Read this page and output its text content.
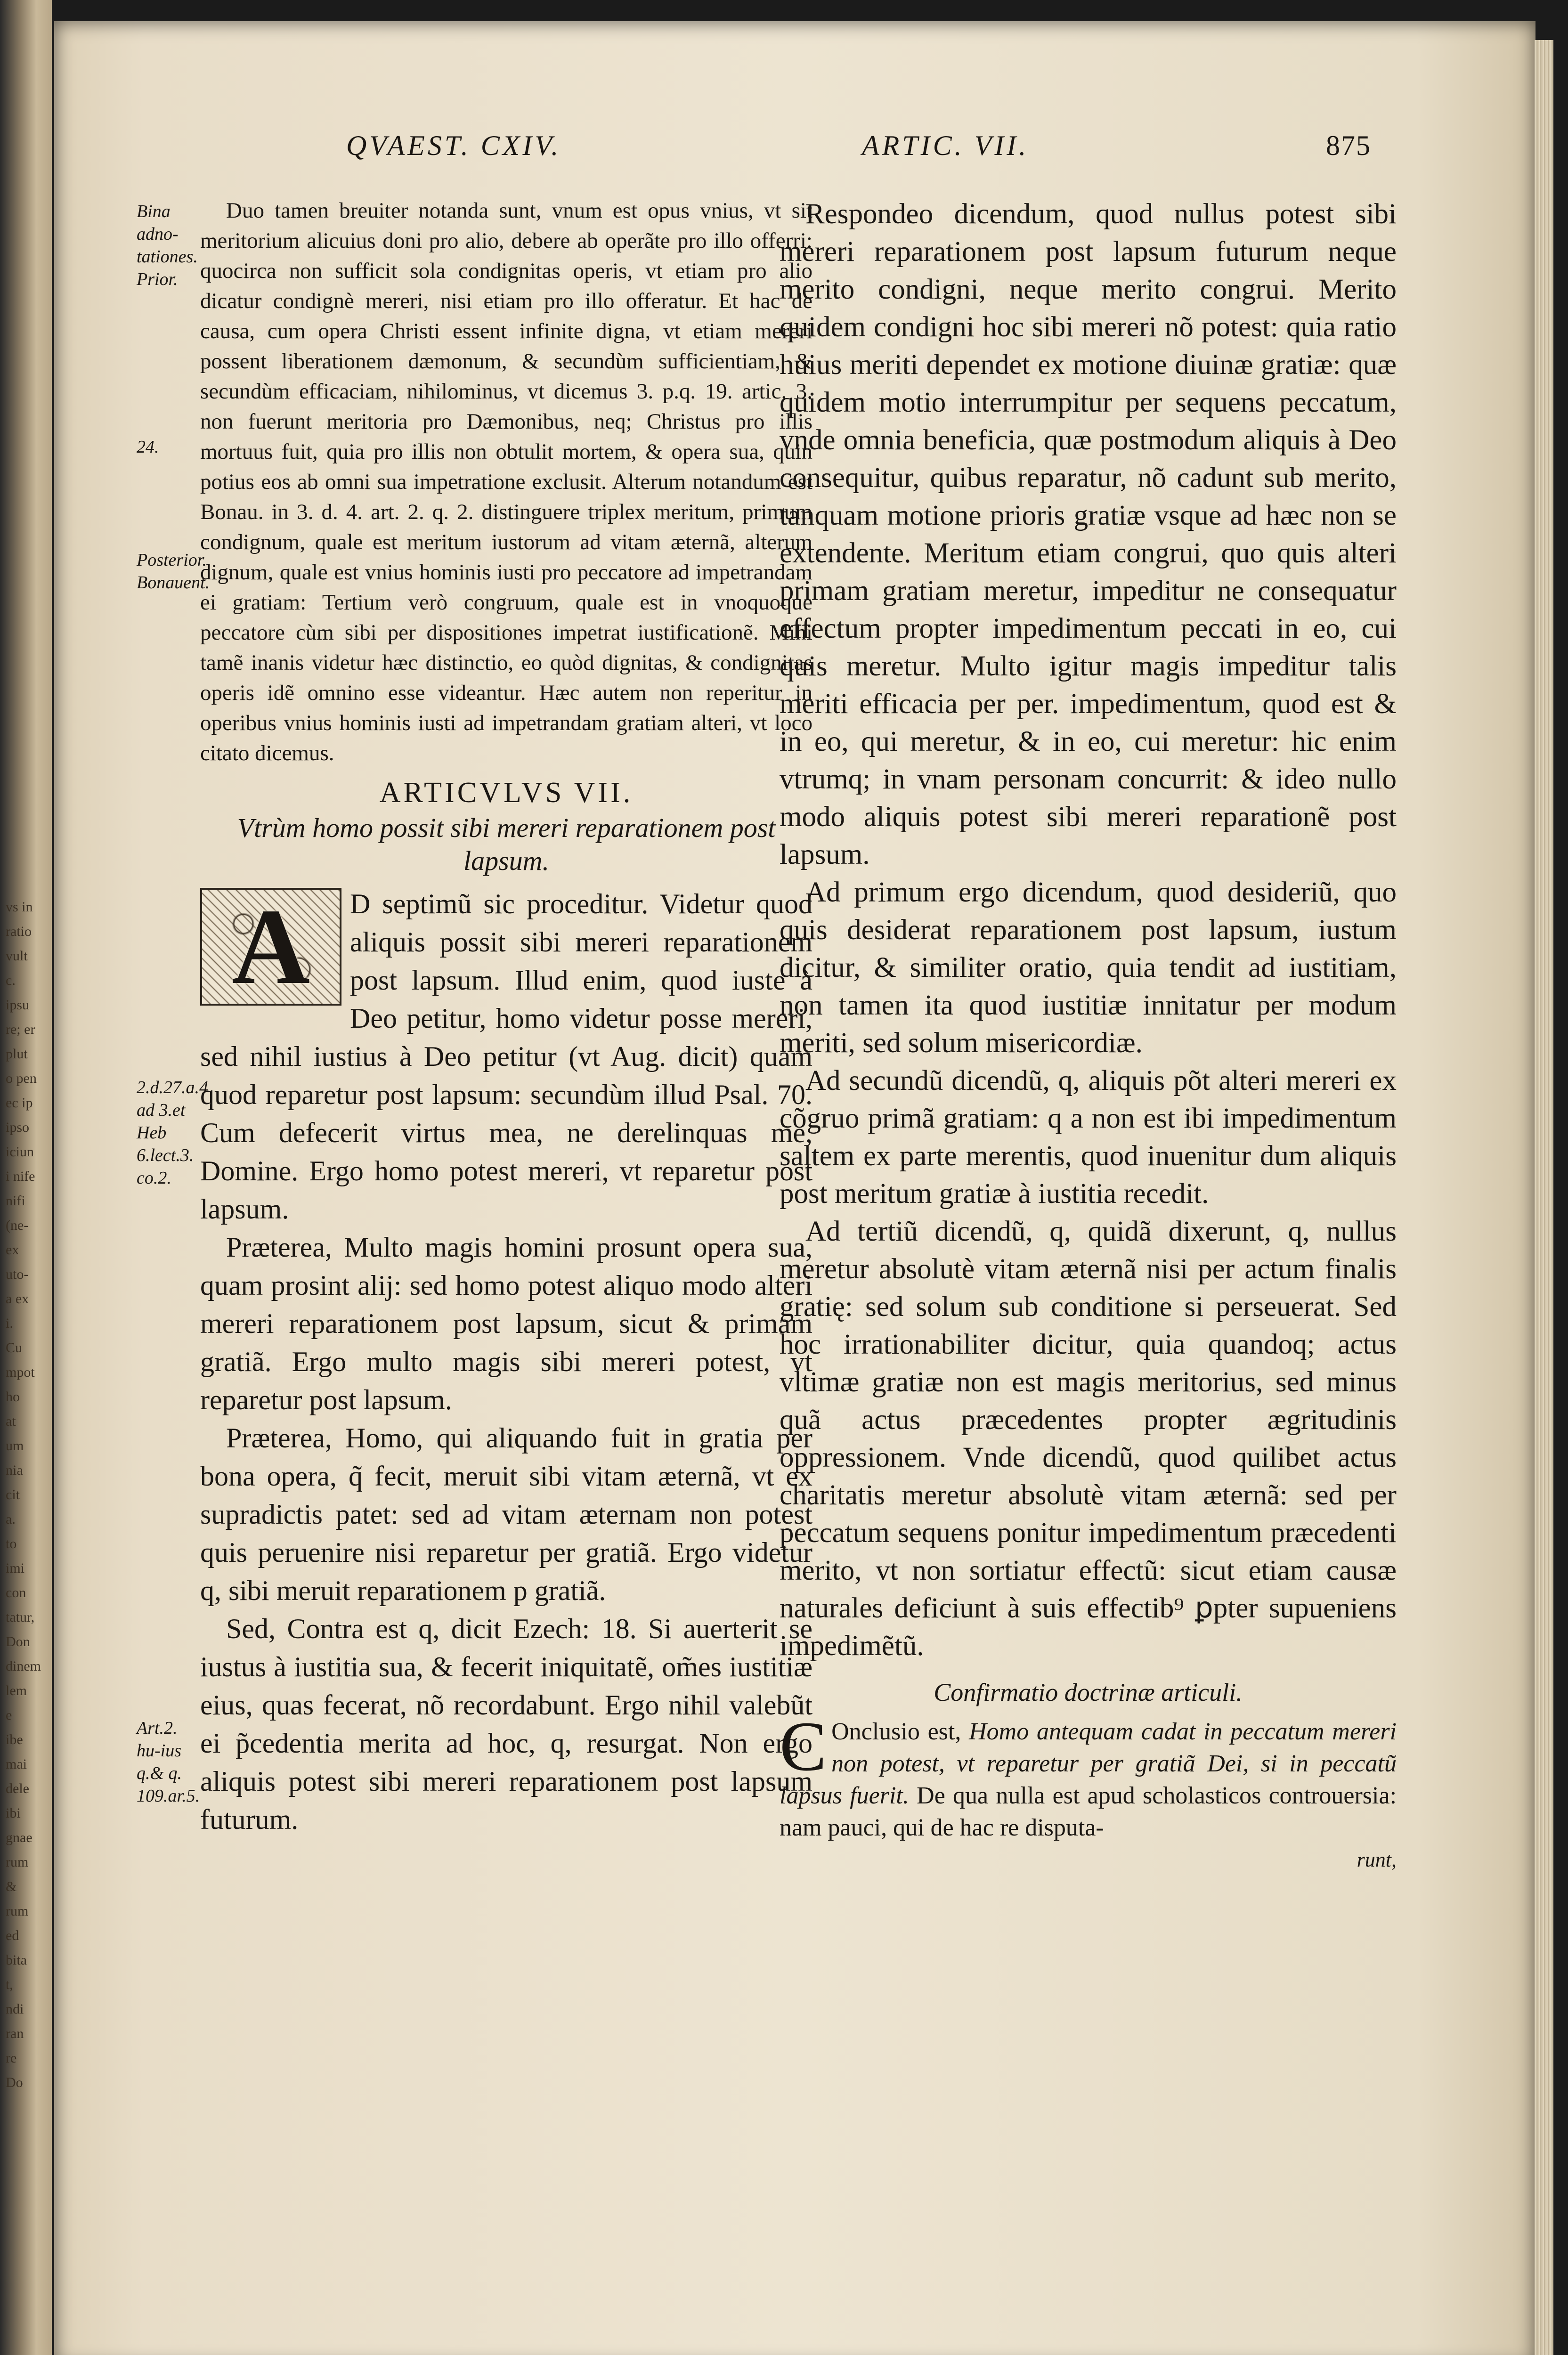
vs in
ratio
vult
c.
ipsu
re; er
plut
o pen
ec ip
ipso
iciun
i nife
nifi
(ne-
ex
uto-
a ex
i.
Cu
mpot
ho
at
um
nia
cit
a.
to
imi
con
tatur,
Don
dinem
lem
e
ibe
mai
dele
ibi
gnae
rum
&
rum
ed
bita
t,
ndi
ran
re
Do
QVAEST. CXIV.	ARTIC. VII.	875
Bina adno-tationes. Prior.
24.
Posterior. Bonauent.
2.d.27.a.4 ad 3.et Heb 6.lect.3. co.2.
Art.2. hu-ius q.& q. 109.ar.5.

Duo tamen breuiter notanda sunt, vnum est opus vnius, vt sit meritorium alicuius doni pro alio, debere ab operãte pro illo offerri: quocirca non sufficit sola condignitas operis, vt etiam pro alio dicatur condignè mereri, nisi etiam pro illo offeratur. Et hac de causa, cum opera Christi essent infinite digna, vt etiam mereri possent liberationem dæmonum, & secundùm sufficientiam, & secundùm efficaciam, nihilominus, vt dicemus 3. p.q. 19. artic. 3. non fuerunt meritoria pro Dæmonibus, neq; Christus pro illis mortuus fuit, quia pro illis non obtulit mortem, & opera sua, quin potius eos ab omni sua impetratione exclusit. Alterum notandum est Bonau. in 3. d. 4. art. 2. q. 2. distinguere triplex meritum, primum condignum, quale est meritum iustorum ad vitam æternã, alterum dignum, quale est vnius hominis iusti pro peccatore ad impetrandam ei gratiam: Tertium verò congruum, quale est in vnoquoque peccatore cùm sibi per dispositiones impetrat iustificationẽ. Mihi tamẽ inanis videtur hæc distinctio, eo quòd dignitas, & condignitas operis idẽ omnino esse videantur. Hæc autem non reperitur in operibus vnius hominis iusti ad impetrandam gratiam alteri, vt loco citato dicemus.

ARTICVLVS VII.
Vtrùm homo possit sibi mereri reparationem post lapsum.
A	D septimũ sic proceditur. Videtur quod aliquis possit sibi mereri reparationem post lapsum. Illud enim, quod iuste à Deo petitur, homo videtur posse mereri, sed nihil iustius à Deo petitur (vt Aug. dicit) quam quod reparetur post lapsum: secundùm illud Psal. 70. Cum defecerit virtus mea, ne derelinquas me, Domine. Ergo homo potest mereri, vt reparetur post lapsum.

Præterea, Multo magis homini prosunt opera sua, quam prosint alij: sed homo potest aliquo modo alteri mereri reparationem post lapsum, sicut & primam gratiã. Ergo multo magis sibi mereri potest, vt reparetur post lapsum.

Præterea, Homo, qui aliquando fuit in gratia per bona opera, q̃ fecit, meruit sibi vitam æternã, vt ex supradictis patet: sed ad vitam æternam non potest quis peruenire nisi reparetur per gratiã. Ergo videtur q, sibi meruit reparationem p gratiã.

Sed, Contra est q, dicit Ezech: 18. Si auerterit se iustus à iustitia sua, & fecerit iniquitatẽ, om̃es iustitiæ eius, quas fecerat, nõ recordabunt. Ergo nihil valebũt ei p̃cedentia merita ad hoc, q, resurgat. Non ergo aliquis potest sibi mereri reparationem post lapsum futurum.

Respondeo dicendum, quod nullus potest sibi mereri reparationem post lapsum futurum neque merito condigni, neque merito congrui. Merito quidem condigni hoc sibi mereri nõ potest: quia ratio huius meriti dependet ex motione diuinæ gratiæ: quæ quidem motio interrumpitur per sequens peccatum, vnde omnia beneficia, quæ postmodum aliquis à Deo consequitur, quibus reparatur, nõ cadunt sub merito, tanquam motione prioris gratiæ vsque ad hæc non se extendente. Meritum etiam congrui, quo quis alteri primam gratiam meretur, impeditur ne consequatur effectum propter impedimentum peccati in eo, cui quis meretur. Multo igitur magis impeditur talis meriti efficacia per per. impedimentum, quod est & in eo, qui meretur, & in eo, cui meretur: hic enim vtrumq; in vnam personam concurrit: & ideo nullo modo aliquis potest sibi mereri reparationẽ post lapsum.

Ad primum ergo dicendum, quod desideriũ, quo quis desiderat reparationem post lapsum, iustum dicitur, & similiter oratio, quia tendit ad iustitiam, non tamen ita quod iustitiæ innitatur per modum meriti, sed solum misericordiæ.

Ad secundũ dicendũ, q, aliquis põt alteri mereri ex cõgruo primã gratiam: q a non est ibi impedimentum saltem ex parte merentis, quod inuenitur dum aliquis post meritum gratiæ à iustitia recedit.

Ad tertiũ dicendũ, q, quidã dixerunt, q, nullus meretur absolutè vitam æternã nisi per actum finalis gratię: sed solum sub conditione si perseuerat. Sed hoc irrationabiliter dicitur, quia quandoq; actus vltimæ gratiæ non est magis meritorius, sed minus quã actus præcedentes propter ægritudinis oppressionem. Vnde dicendũ, quod quilibet actus charitatis meretur absolutè vitam æternã: sed per peccatum sequens ponitur impedimentum præcedenti merito, vt non sortiatur effectũ: sicut etiam causæ naturales deficiunt à suis effectib⁹ ꝑpter supueniens impedimẽtũ.

Confirmatio doctrinæ articuli.

C Onclusio est, Homo antequam cadat in peccatum mereri non potest, vt reparetur per gratiã Dei, si in peccatũ lapsus fuerit. De qua nulla est apud scholasticos controuersia: nam pauci, qui de hac re disputa-

runt,
